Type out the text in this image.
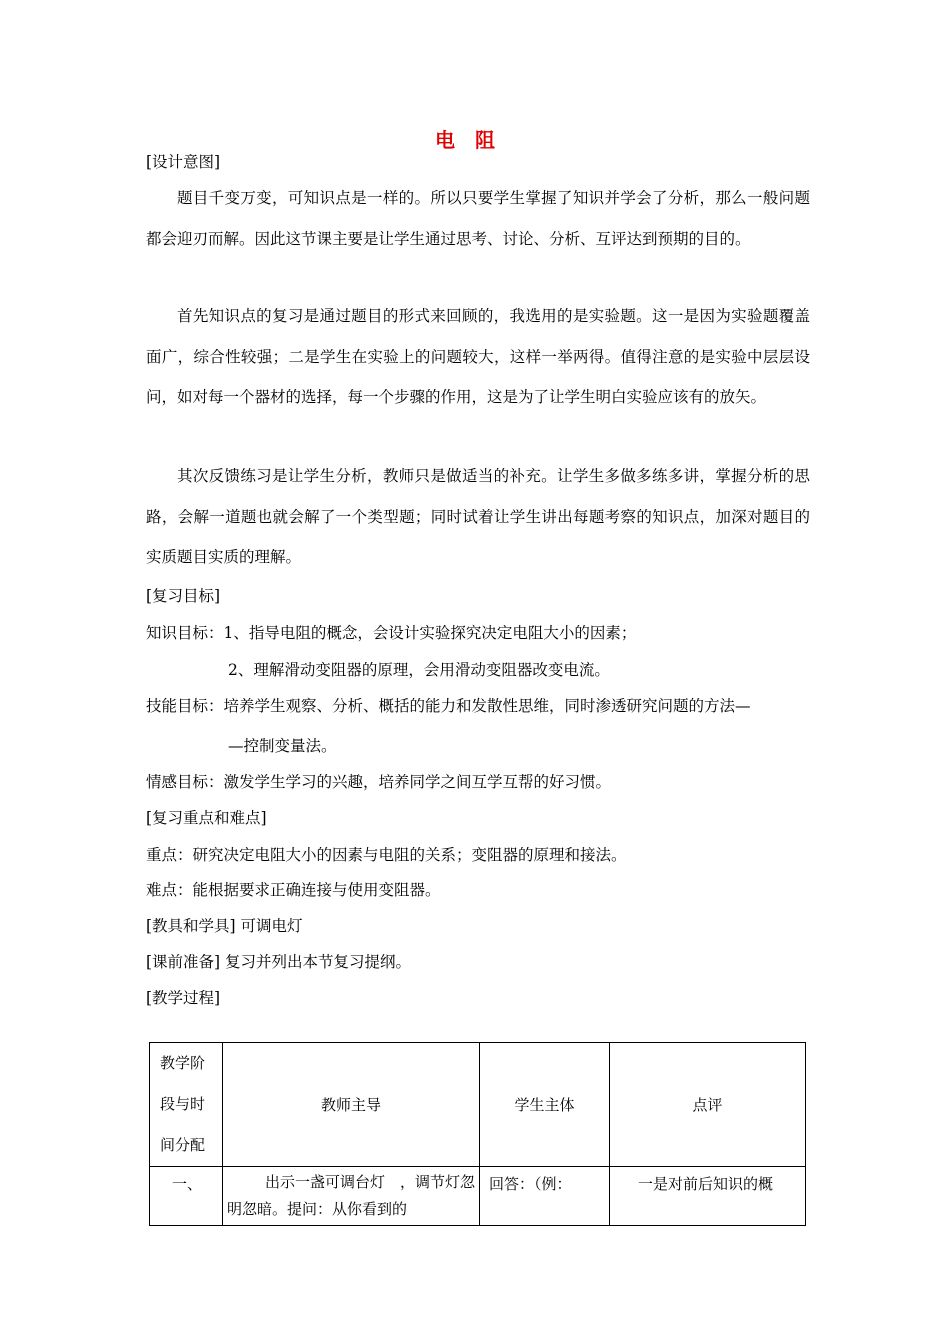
电阻
[设计意图]
题目千变万变，可知识点是一样的。所以只要学生掌握了知识并学会了分析，那么一般问题都会迎刃而解。因此这节课主要是让学生通过思考、讨论、分析、互评达到预期的目的。
首先知识点的复习是通过题目的形式来回顾的，我选用的是实验题。这一是因为实验题覆盖面广，综合性较强；二是学生在实验上的问题较大，这样一举两得。值得注意的是实验中层层设问，如对每一个器材的选择，每一个步骤的作用，这是为了让学生明白实验应该有的放矢。
其次反馈练习是让学生分析，教师只是做适当的补充。让学生多做多练多讲，掌握分析的思路，会解一道题也就会解了一个类型题；同时试着让学生讲出每题考察的知识点，加深对题目的实质题目实质的理解。
[复习目标]
知识目标：1、指导电阻的概念，会设计实验探究决定电阻大小的因素；
2、理解滑动变阻器的原理，会用滑动变阻器改变电流。
技能目标：培养学生观察、分析、概括的能力和发散性思维，同时渗透研究问题的方法—
—控制变量法。
情感目标：激发学生学习的兴趣，培养同学之间互学互帮的好习惯。
[复习重点和难点]
重点：研究决定电阻大小的因素与电阻的关系；变阻器的原理和接法。
难点：能根据要求正确连接与使用变阻器。
[教具和学具] 可调电灯
[课前准备] 复习并列出本节复习提纲。
[教学过程]
教学阶
段与时
间分配	教师主导	学生主体	点评
一、	出示一盏可调台灯　，调节灯忽明忽暗。提问：从你看到的	回答：（例：	一是对前后知识的概
